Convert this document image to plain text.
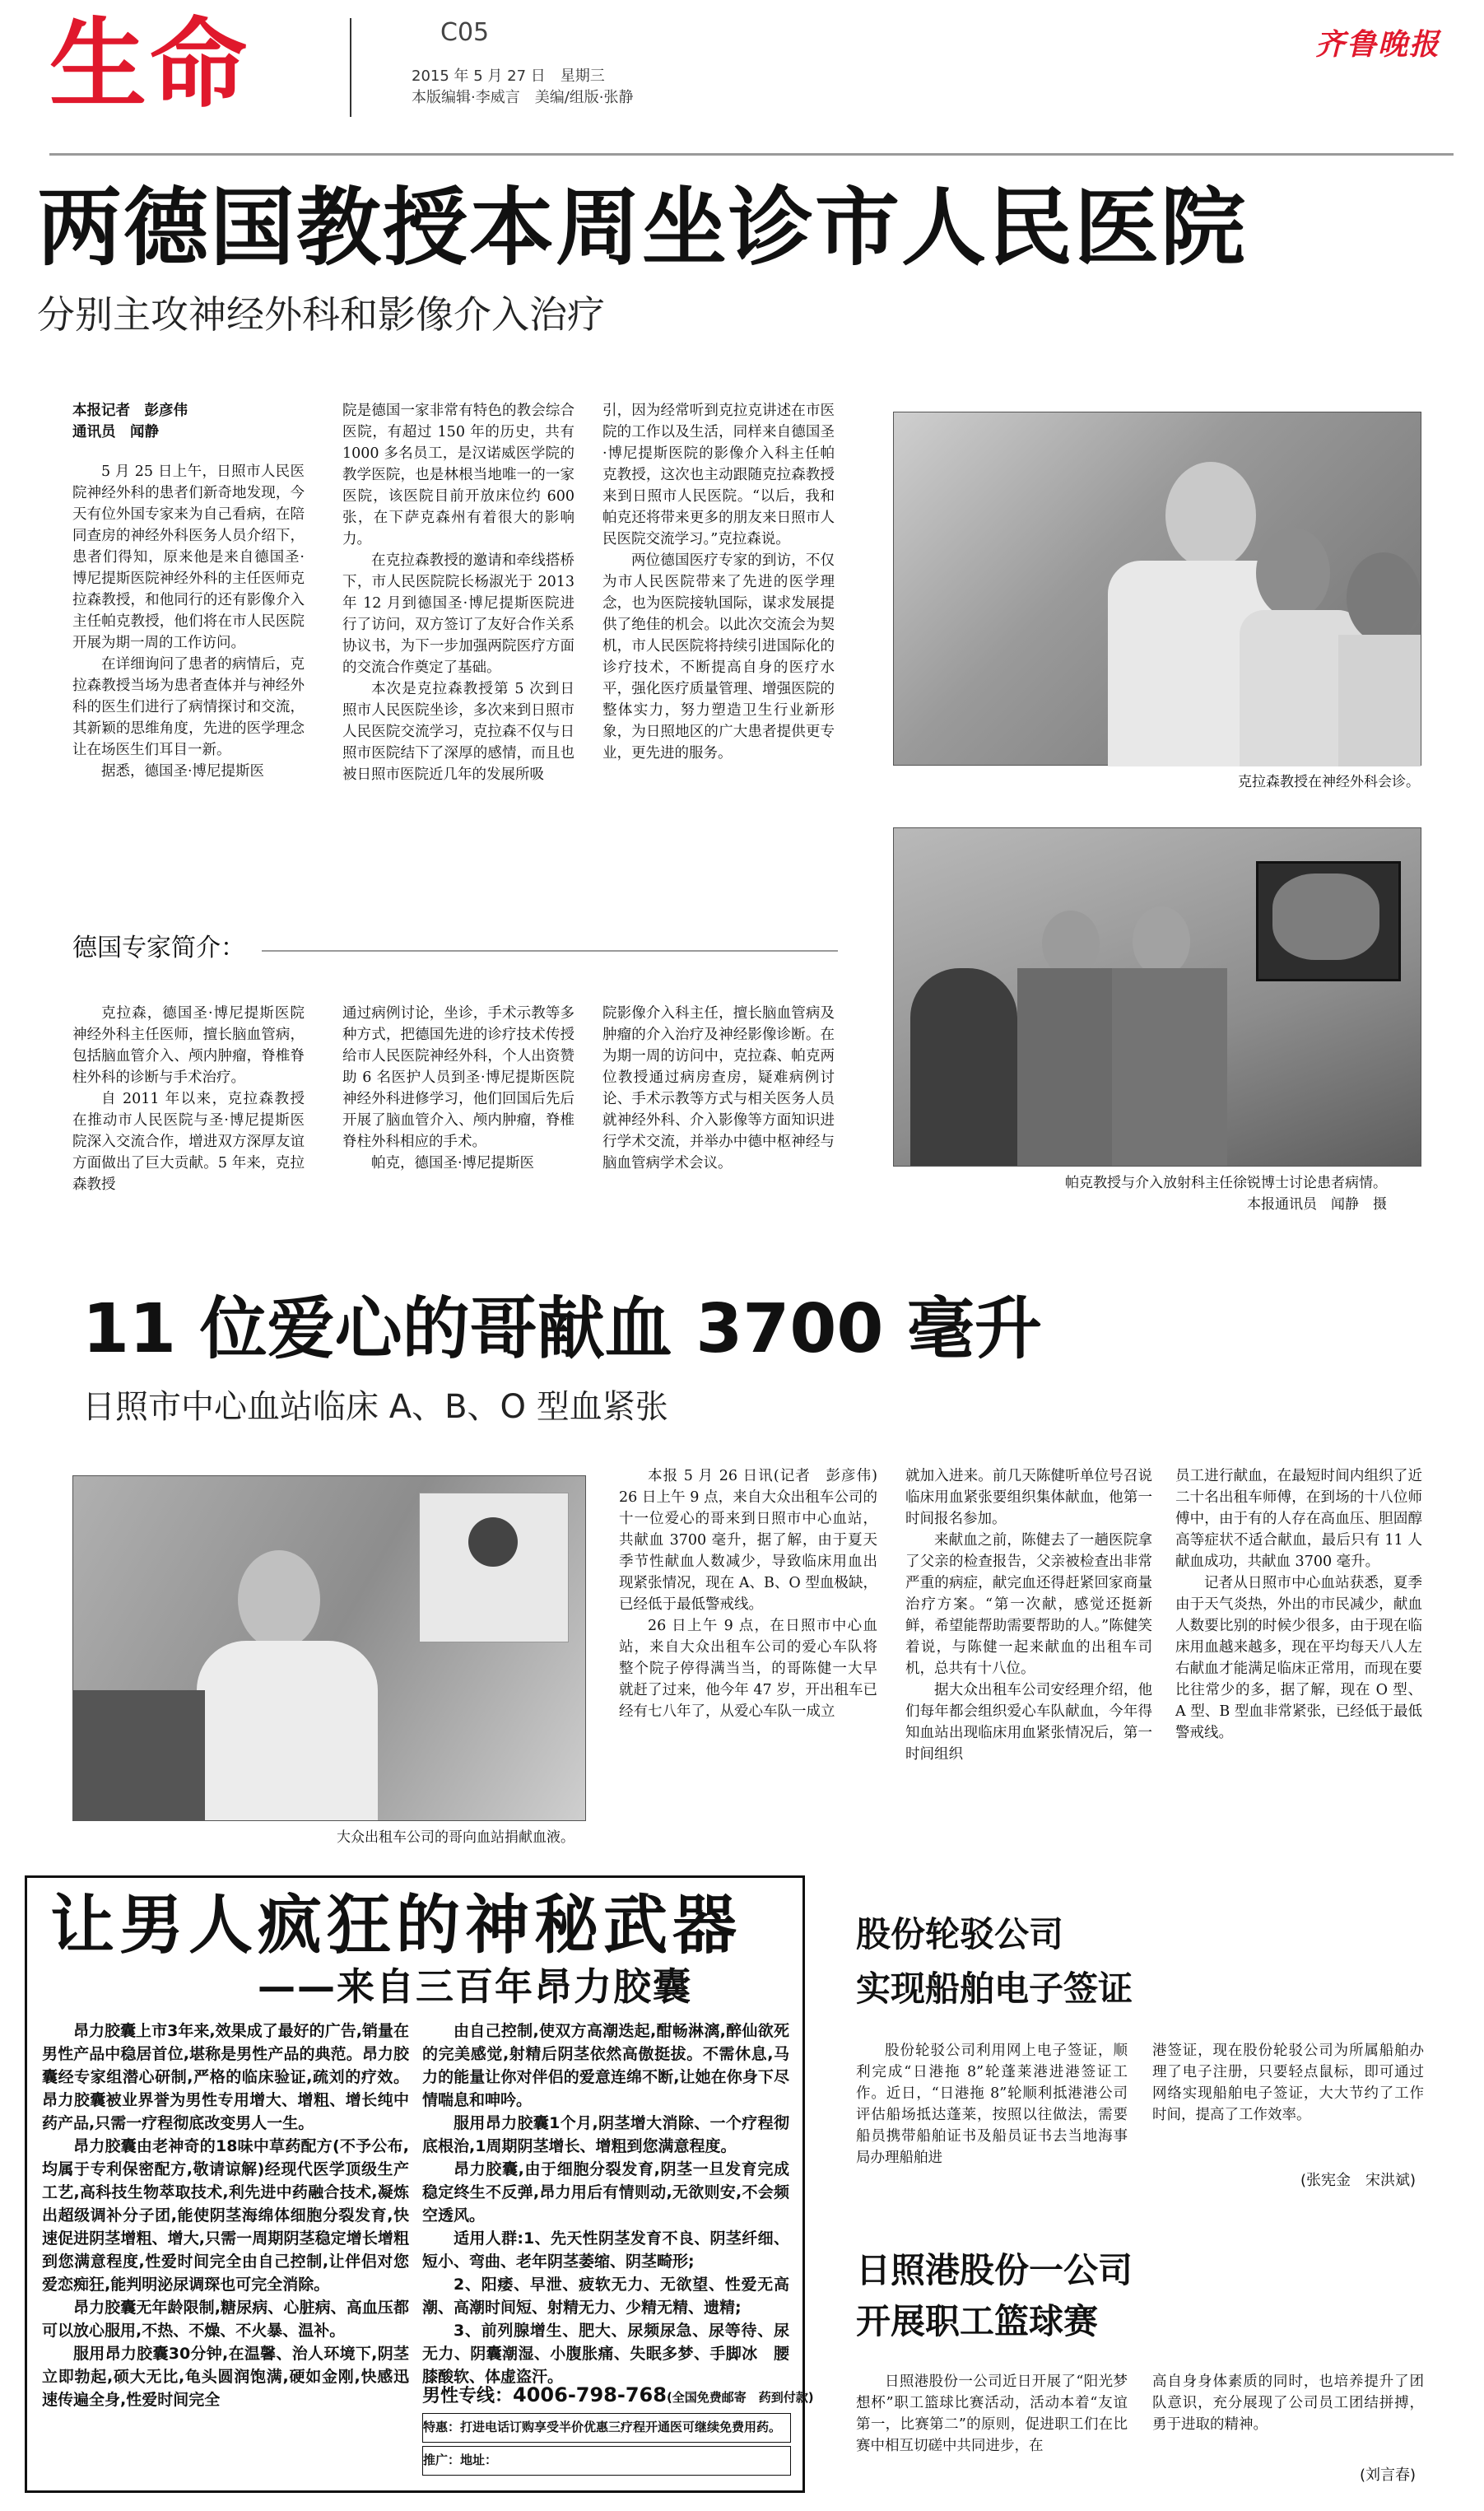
生命	C05
2015 年 5 月 27 日　星期三
本版编辑·李威言　美编/组版·张静
齐鲁晚报
两德国教授本周坐诊市人民医院
分别主攻神经外科和影像介入治疗

本报记者　彭彦伟

通讯员　闻静

5 月 25 日上午，日照市人民医院神经外科的患者们新奇地发现，今天有位外国专家来为自己看病，在陪同查房的神经外科医务人员介绍下，患者们得知，原来他是来自德国圣·博尼提斯医院神经外科的主任医师克拉森教授，和他同行的还有影像介入主任帕克教授，他们将在市人民医院开展为期一周的工作访问。

在详细询问了患者的病情后，克拉森教授当场为患者查体并与神经外科的医生们进行了病情探讨和交流，其新颖的思维角度，先进的医学理念让在场医生们耳目一新。

据悉，德国圣·博尼提斯医

院是德国一家非常有特色的教会综合医院，有超过 150 年的历史，共有 1000 多名员工，是汉诺威医学院的教学医院，也是林根当地唯一的一家医院，该医院目前开放床位约 600 张，在下萨克森州有着很大的影响力。

在克拉森教授的邀请和牵线搭桥下，市人民医院院长杨淑光于 2013 年 12 月到德国圣·博尼提斯医院进行了访问，双方签订了友好合作关系协议书，为下一步加强两院医疗方面的交流合作奠定了基础。

本次是克拉森教授第 5 次到日照市人民医院坐诊，多次来到日照市人民医院交流学习，克拉森不仅与日照市医院结下了深厚的感情，而且也被日照市医院近几年的发展所吸

引，因为经常听到克拉克讲述在市医院的工作以及生活，同样来自德国圣·博尼提斯医院的影像介入科主任帕克教授，这次也主动跟随克拉森教授来到日照市人民医院。“以后，我和帕克还将带来更多的朋友来日照市人民医院交流学习。”克拉森说。

两位德国医疗专家的到访，不仅为市人民医院带来了先进的医学理念，也为医院接轨国际，谋求发展提供了绝佳的机会。以此次交流会为契机，市人民医院将持续引进国际化的诊疗技术，不断提高自身的医疗水平，强化医疗质量管理、增强医院的整体实力，努力塑造卫生行业新形象，为日照地区的广大患者提供更专业，更先进的服务。

克拉森教授在神经外科会诊。
帕克教授与介入放射科主任徐锐博士讨论患者病情。
本报通讯员　闻静　摄
德国专家简介：

克拉森，德国圣·博尼提斯医院神经外科主任医师，擅长脑血管病，包括脑血管介入、颅内肿瘤，脊椎脊柱外科的诊断与手术治疗。

自 2011 年以来，克拉森教授在推动市人民医院与圣·博尼提斯医院深入交流合作，增进双方深厚友谊方面做出了巨大贡献。5 年来，克拉森教授

通过病例讨论，坐诊，手术示教等多种方式，把德国先进的诊疗技术传授给市人民医院神经外科，个人出资赞助 6 名医护人员到圣·博尼提斯医院神经外科进修学习，他们回国后先后开展了脑血管介入、颅内肿瘤，脊椎脊柱外科相应的手术。

帕克，德国圣·博尼提斯医

院影像介入科主任，擅长脑血管病及肿瘤的介入治疗及神经影像诊断。在为期一周的访问中，克拉森、帕克两位教授通过病房查房，疑难病例讨论、手术示教等方式与相关医务人员就神经外科、介入影像等方面知识进行学术交流，并举办中德中枢神经与脑血管病学术会议。

11 位爱心的哥献血 3700 毫升
日照市中心血站临床 A、B、O 型血紧张
大众出租车公司的哥向血站捐献血液。

本报 5 月 26 日讯(记者　彭彦伟)　26 日上午 9 点，来自大众出租车公司的十一位爱心的哥来到日照市中心血站，共献血 3700 毫升，据了解，由于夏天季节性献血人数减少，导致临床用血出现紧张情况，现在 A、B、O 型血极缺，已经低于最低警戒线。

26 日上午 9 点，在日照市中心血站，来自大众出租车公司的爱心车队将整个院子停得满当当，的哥陈健一大早就赶了过来，他今年 47 岁，开出租车已经有七八年了，从爱心车队一成立

就加入进来。前几天陈健听单位号召说临床用血紧张要组织集体献血，他第一时间报名参加。

来献血之前，陈健去了一趟医院拿了父亲的检查报告，父亲被检查出非常严重的病症，献完血还得赶紧回家商量治疗方案。“第一次献，感觉还挺新鲜，希望能帮助需要帮助的人。”陈健笑着说，与陈健一起来献血的出租车司机，总共有十八位。

据大众出租车公司安经理介绍，他们每年都会组织爱心车队献血，今年得知血站出现临床用血紧张情况后，第一时间组织

员工进行献血，在最短时间内组织了近二十名出租车师傅，在到场的十八位师傅中，由于有的人存在高血压、胆固醇高等症状不适合献血，最后只有 11 人献血成功，共献血 3700 毫升。

记者从日照市中心血站获悉，夏季由于天气炎热，外出的市民减少，献血人数要比别的时候少很多，由于现在临床用血越来越多，现在平均每天八人左右献血才能满足临床正常用，而现在要比往常少的多，据了解，现在 O 型、A 型、B 型血非常紧张，已经低于最低警戒线。

让男人疯狂的神秘武器
——来自三百年昂力胶囊

昂力胶囊上市3年来,效果成了最好的广告,销量在男性产品中稳居首位,堪称是男性产品的典范。昂力胶囊经专家组潜心研制,严格的临床验证,疏刘的疗效。昂力胶囊被业界誉为男性专用增大、增粗、增长纯中药产品,只需一疗程彻底改变男人一生。

昂力胶囊由老神奇的18味中草药配方(不予公布,均属于专利保密配方,敬请谅解)经现代医学顶级生产工艺,高科技生物萃取技术,利先进中药融合技术,凝炼出超级调补分子团,能使阴茎海绵体细胞分裂发育,快速促进阴茎增粗、增大,只需一周期阴茎稳定增长增粗到您满意程度,性爱时间完全由自己控制,让伴侣对您爱恋痴狂,能判明泌尿调琛也可完全消除。

昂力胶囊无年龄限制,糖尿病、心脏病、高血压都可以放心服用,不热、不燥、不火暴、温补。

服用昂力胶囊30分钟,在温馨、治人环境下,阴茎立即勃起,硕大无比,龟头圆润饱满,硬如金刚,快感迅速传遍全身,性爱时间完全

由自己控制,使双方高潮迭起,酣畅淋漓,醉仙欲死的完美感觉,射精后阴茎依然高傲挺拔。不需休息,马力的能量让你对伴侣的爱意连绵不断,让她在你身下尽情喘息和呻吟。

服用昂力胶囊1个月,阴茎增大消除、一个疗程彻底根治,1周期阴茎增长、增粗到您满意程度。

昂力胶囊,由于细胞分裂发育,阴茎一旦发育完成稳定终生不反弹,昂力用后有情则动,无欲则安,不会频空透风。

适用人群:1、先天性阴茎发育不良、阴茎纤细、短小、弯曲、老年阴茎萎缩、阴茎畸形;

2、阳痿、早泄、疲软无力、无欲望、性爱无高潮、高潮时间短、射精无力、少精无精、遗精;

3、前列腺增生、肥大、尿频尿急、尿等待、尿无力、阴囊潮湿、小腹胀痛、失眠多梦、手脚冰　腰膝酸软、体虚盗汗。

男性专线：4006-798-768(全国免费邮寄　药到付款)
特惠：打进电话订购享受半价优惠三疗程开通医可继续免费用药。
推广：地址：　　　　　　　　　　　　　　　　　　　　　　　　
股份轮驳公司
实现船舶电子签证

股份轮驳公司利用网上电子签证，顺利完成“日港拖 8”轮蓬莱港进港签证工作。近日，“日港拖 8”轮顺利抵港港公司评估船场抵达蓬莱，按照以往做法，需要船员携带船舶证书及船员证书去当地海事局办理船舶进

港签证，现在股份轮驳公司为所属船舶办理了电子注册，只要轻点鼠标，即可通过网络实现船舶电子签证，大大节约了工作时间，提高了工作效率。

(张宪金　宋洪斌)
日照港股份一公司
开展职工篮球赛

日照港股份一公司近日开展了“阳光梦想杯”职工篮球比赛活动，活动本着“友谊第一，比赛第二”的原则，促进职工们在比赛中相互切磋中共同进步，在

高自身身体素质的同时，也培养提升了团队意识，充分展现了公司员工团结拼搏，勇于进取的精神。

(刘言春)
